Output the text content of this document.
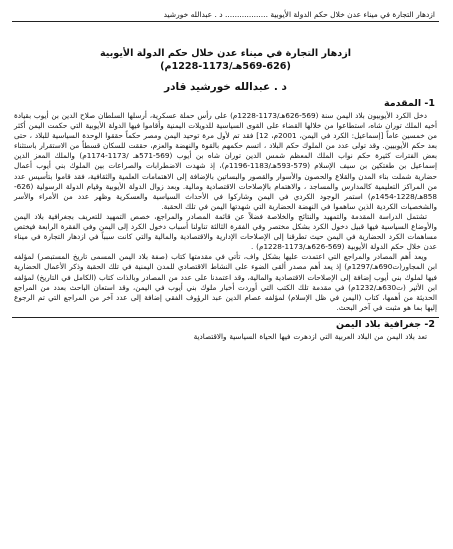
ازدهار التجارة في ميناء عدن خلال حكم الدولة الأيوبية .................. د . عبدالله خورشيد
ازدهار التجارة في ميناء عدن خلال حكم الدولة الأيوبية
(569-626هـ/1173-1228م)
د . عبدالله خورشيد قادر
1- المقدمة

دخل الكرد الأيوبيون بلاد اليمن سنة (569-626هـ/1173-1228م) على رأس حملة عسكرية، أرسلها السلطان صلاح الدين بن أيوب بقيادة أخيه الملك توران شاه، استطاعوا من خلالها القضاء على القوى السياسية للدويلات اليمنية وأقاموا فيها الدولة الأيوبية التي حكمت اليمن أكثر من خمسين عاماً [إسماعيل: الكرد في اليمن، 2001م، 12] فقد تم لأول مرة توحيد اليمن ومصر حكماً حققوا الوحدة السياسية للبلاد ، حتى بعد حكم الأيوبيين. وقد تولى عدد من الملوك حكم البلاد ، اتسم حكمهم بالقوة والنهضة والعزم، حققت للسكان قسطاً من الاستقرار باستثناء بعض الفترات كثيرة حكم نواب الملك المعظم شمس الدين توران شاه بن أيوب (569-571هـ /1173-1174م) والملك المعز الدين إسماعيل بن طغتكين بن سيف الإسلام (579-593هـ/1183-1196م)، إذ شهدت الاضطرابات والصراعات بين الملوك بني أيوب أعمال حضارية شملت بناء المدن والقلاع والحصون والأسوار والقصور والبساتين بالإضافة إلى الاهتمامات العلمية والثقافية، فقد قاموا بتأسيس عدد من المراكز التعليمية كالمدارس والمساجد ، والاهتمام بالإصلاحات الاقتصادية ومالية. وبعد زوال الدولة الأيوبية وقيام الدولة الرسولية (626-858هـ/1228-1454م) استمر الوجود الكردي في اليمن وشاركوا في الأحداث السياسية والعسكرية وظهر عدد من الأمراء والأسر والشخصيات الكردية الذين ساهموا في النهضة الحضارية التي شهدتها اليمن في تلك الحقبة.

تشتمل الدراسة المقدمة والتمهيد والنتائج والخلاصة فضلاً عن قائمة المصادر والمراجع، خصص التمهيد للتعريف بجغرافية بلاد اليمن والأوضاع السياسية فيها قبيل دخول الكرد بشكل مختصر وفي الفقرة الثالثة تناولنا أسباب دخول الكرد إلى اليمن وفي الفقرة الرابعة فيختص مساهمات الكرد الحضارية في اليمن حيث تطرقنا إلى الإصلاحات الإدارية والاقتصادية والمالية والتي كانت سبباً في ازدهار التجارة في ميناء عدن خلال حكم الدولة الأيوبية (569-626هـ/1173-1228م) .

ويعد أهم المصادر والمراجع التي اعتمدت عليها بشكل واف، تأتي في مقدمتها كتاب (صفة بلاد اليمن المسمى تاريخ المستبصر) لمؤلفه ابن المجاور(ت690هـ/1297م) إذ يعد أهم مصدر ألقى الضوء على النشاط الاقتصادي للمدن اليمنية في تلك الحقبة وذكر الأعمال الحضارية فيها لملوك بني أيوب إضافة إلى الإصلاحات الاقتصادية والمالية، وقد اعتمدنا على عدد من المصادر وبالذات كتاب (الكامل في التاريخ) لمؤلفه ابن الأثير (ت630هـ/1232م) في مقدمة تلك الكتب التي أوردت أخبار ملوك بني أيوب في اليمن، وقد استعان الباحث بعدد من المراجع الحديثة من أهمها، كتاب (اليمن في ظل الإسلام) لمؤلفه عصام الدين عبد الرؤوف الفقي إضافة إلى عدد آخر من المراجع التي تم الرجوع إليها بما هو مثبت في آخر البحث.

2- جغرافية بلاد اليمن

تعد بلاد اليمن من البلاد العربية التي ازدهرت فيها الحياة السياسية والاقتصادية
